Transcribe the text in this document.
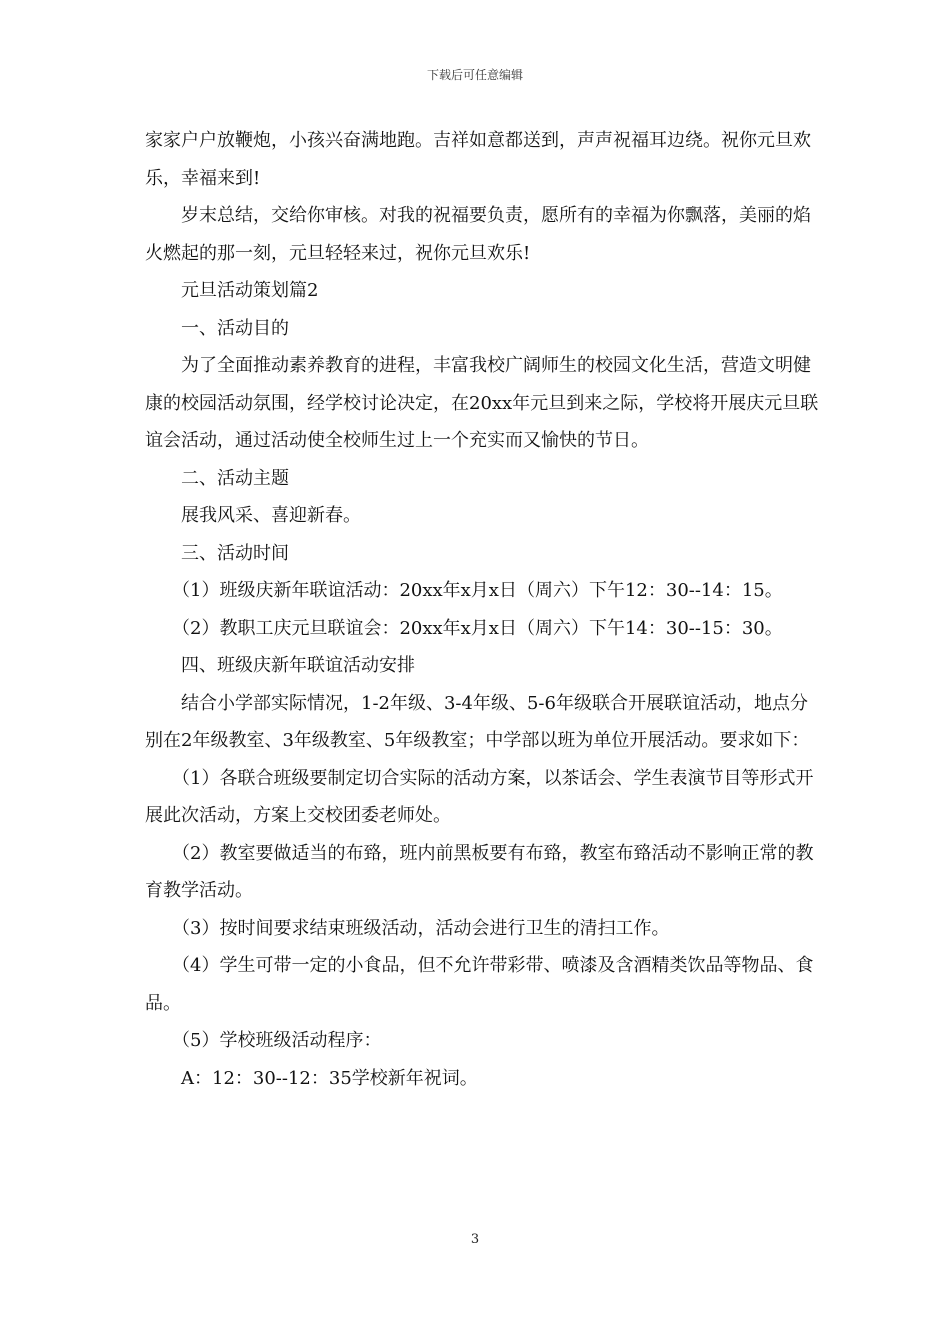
下载后可任意编辑

家家户户放鞭炮，小孩兴奋满地跑。吉祥如意都送到，声声祝福耳边绕。祝你元旦欢乐，幸福来到!

岁末总结，交给你审核。对我的祝福要负责，愿所有的幸福为你飘落，美丽的焰火燃起的那一刻，元旦轻轻来过，祝你元旦欢乐!

元旦活动策划篇2

一、活动目的

为了全面推动素养教育的进程，丰富我校广阔师生的校园文化生活，营造文明健康的校园活动氛围，经学校讨论决定，在20xx年元旦到来之际，学校将开展庆元旦联谊会活动，通过活动使全校师生过上一个充实而又愉快的节日。

二、活动主题

展我风采、喜迎新春。

三、活动时间

（1）班级庆新年联谊活动：20xx年x月x日（周六）下午12：30--14：15。

（2）教职工庆元旦联谊会：20xx年x月x日（周六）下午14：30--15：30。

四、班级庆新年联谊活动安排

结合小学部实际情况，1-2年级、3-4年级、5-6年级联合开展联谊活动，地点分别在2年级教室、3年级教室、5年级教室；中学部以班为单位开展活动。要求如下：

（1）各联合班级要制定切合实际的活动方案，以茶话会、学生表演节目等形式开展此次活动，方案上交校团委老师处。

（2）教室要做适当的布臵，班内前黑板要有布臵，教室布臵活动不影响正常的教育教学活动。

（3）按时间要求结束班级活动，活动会进行卫生的清扫工作。

（4）学生可带一定的小食品，但不允许带彩带、喷漆及含酒精类饮品等物品、食品。

（5）学校班级活动程序：

A：12：30--12：35学校新年祝词。

3
